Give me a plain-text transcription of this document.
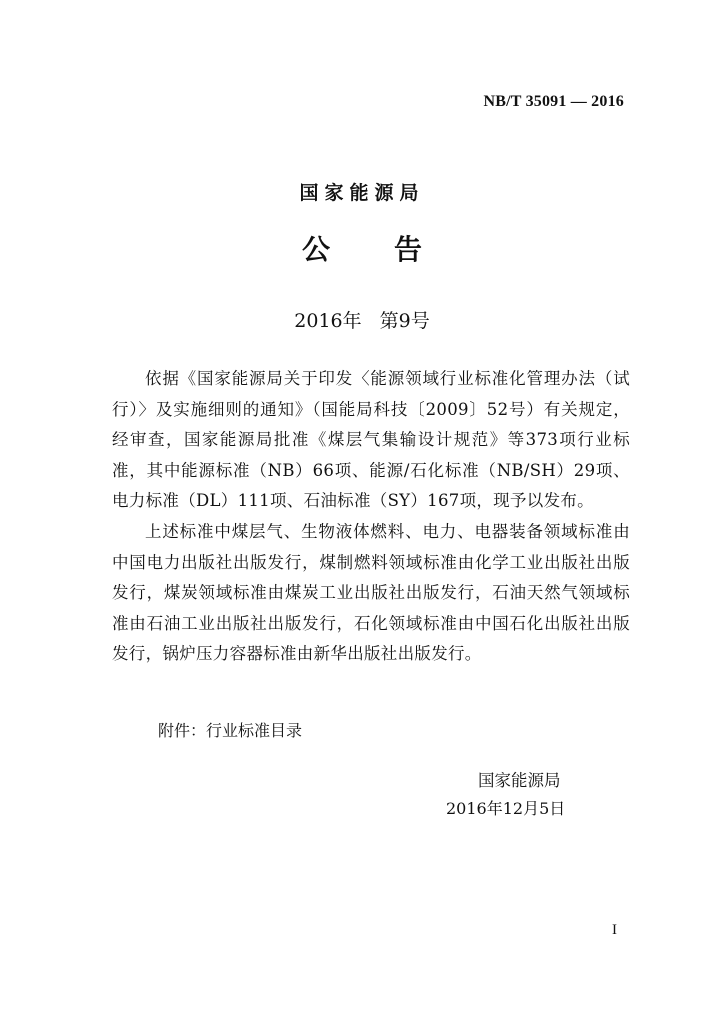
NB/T 35091 — 2016
国家能源局
公 告
2016年 第9号

依据《国家能源局关于印发〈能源领域行业标准化管理办法（试行）〉及实施细则的通知》（国能局科技〔2009〕52号）有关规定，经审查，国家能源局批准《煤层气集输设计规范》等373项行业标准，其中能源标准（NB）66项、能源/石化标准（NB/SH）29项、电力标准（DL）111项、石油标准（SY）167项，现予以发布。

上述标准中煤层气、生物液体燃料、电力、电器装备领域标准由中国电力出版社出版发行，煤制燃料领域标准由化学工业出版社出版发行，煤炭领域标准由煤炭工业出版社出版发行，石油天然气领域标准由石油工业出版社出版发行，石化领域标准由中国石化出版社出版发行，锅炉压力容器标准由新华出版社出版发行。

附件：行业标准目录
国家能源局
2016年12月5日
I
